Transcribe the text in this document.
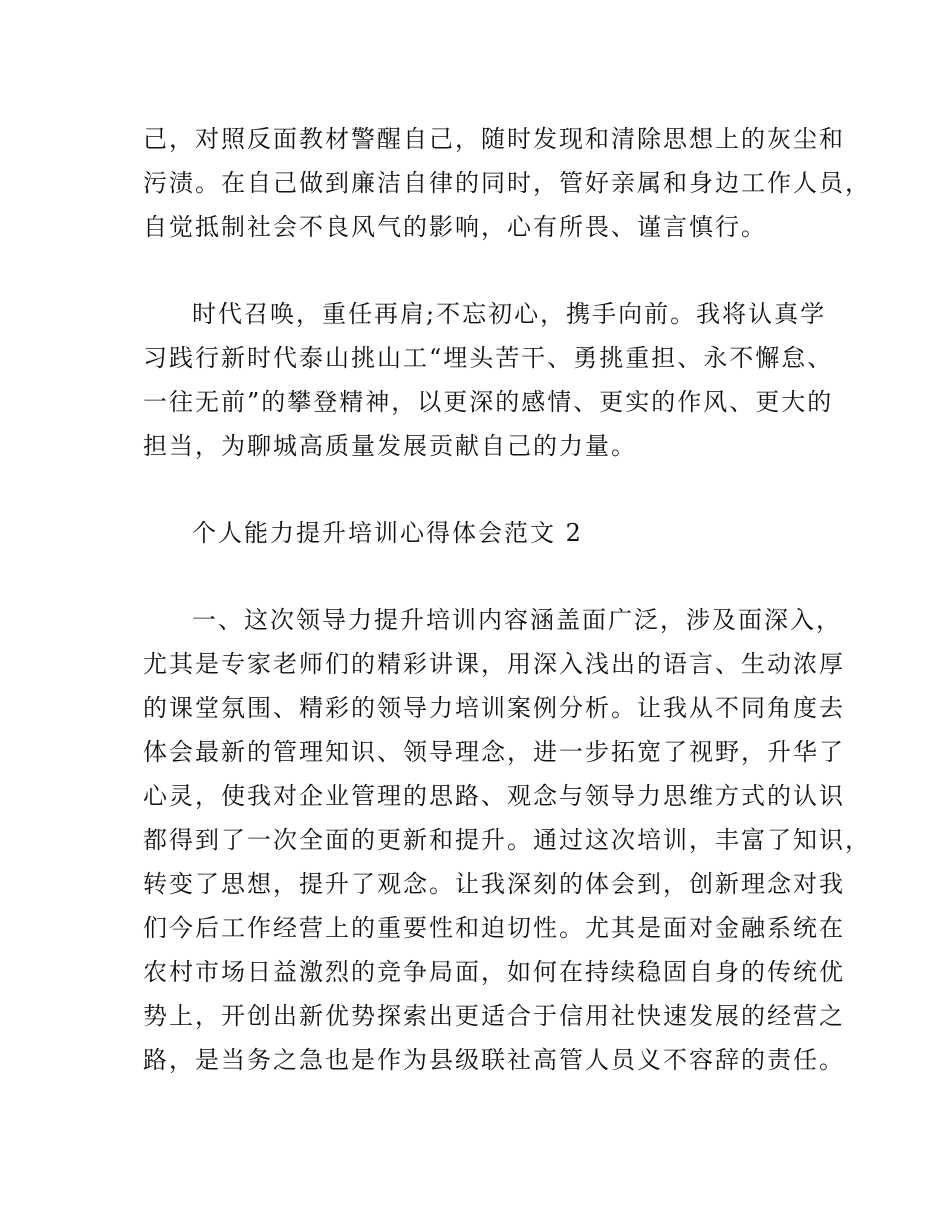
己，对照反面教材警醒自己，随时发现和清除思想上的灰尘和
污渍。在自己做到廉洁自律的同时，管好亲属和身边工作人员，
自觉抵制社会不良风气的影响，心有所畏、谨言慎行。
时代召唤，重任再肩;不忘初心，携手向前。我将认真学
习践行新时代泰山挑山工“埋头苦干、勇挑重担、永不懈怠、
一往无前”的攀登精神，以更深的感情、更实的作风、更大的
担当，为聊城高质量发展贡献自己的力量。
个人能力提升培训心得体会范文 2
一、这次领导力提升培训内容涵盖面广泛，涉及面深入，
尤其是专家老师们的精彩讲课，用深入浅出的语言、生动浓厚
的课堂氛围、精彩的领导力培训案例分析。让我从不同角度去
体会最新的管理知识、领导理念，进一步拓宽了视野，升华了
心灵，使我对企业管理的思路、观念与领导力思维方式的认识
都得到了一次全面的更新和提升。通过这次培训，丰富了知识，
转变了思想，提升了观念。让我深刻的体会到，创新理念对我
们今后工作经营上的重要性和迫切性。尤其是面对金融系统在
农村市场日益激烈的竞争局面，如何在持续稳固自身的传统优
势上，开创出新优势探索出更适合于信用社快速发展的经营之
路，是当务之急也是作为县级联社高管人员义不容辞的责任。
